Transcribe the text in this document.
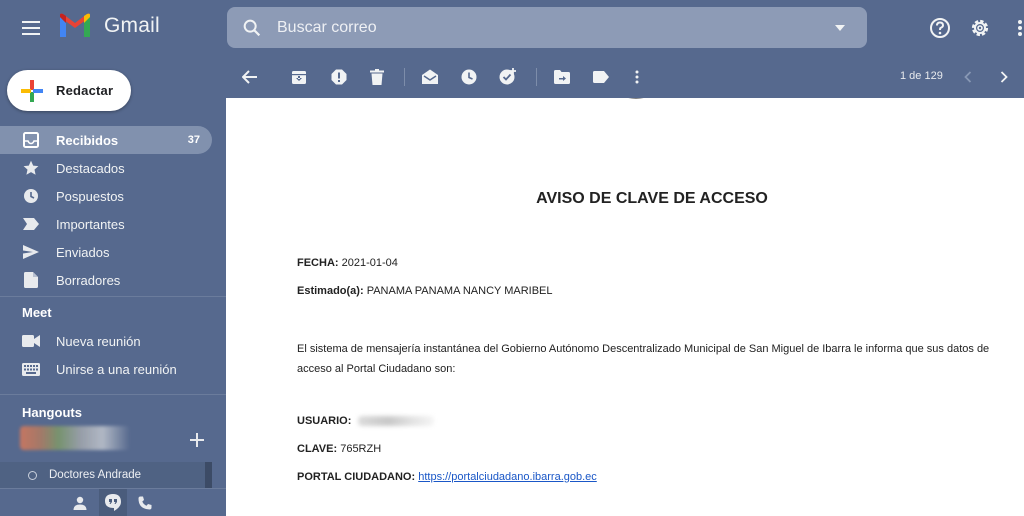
Gmail
Buscar correo
Redactar
Recibidos	37
Destacados
Pospuestos
Importantes
Enviados
Borradores
Meet
Nueva reunión
Unirse a una reunión
Hangouts
Doctores Andrade
1 de 129
IBARRA
AVISO DE CLAVE DE ACCESO
FECHA: 2021-01-04
Estimado(a): PANAMA PANAMA NANCY MARIBEL
El sistema de mensajería instantánea del Gobierno Autónomo Descentralizado Municipal de San Miguel de Ibarra le informa que sus datos de acceso al Portal Ciudadano son:
USUARIO:
CLAVE: 765RZH
PORTAL CIUDADANO: https://portalciudadano.ibarra.gob.ec
